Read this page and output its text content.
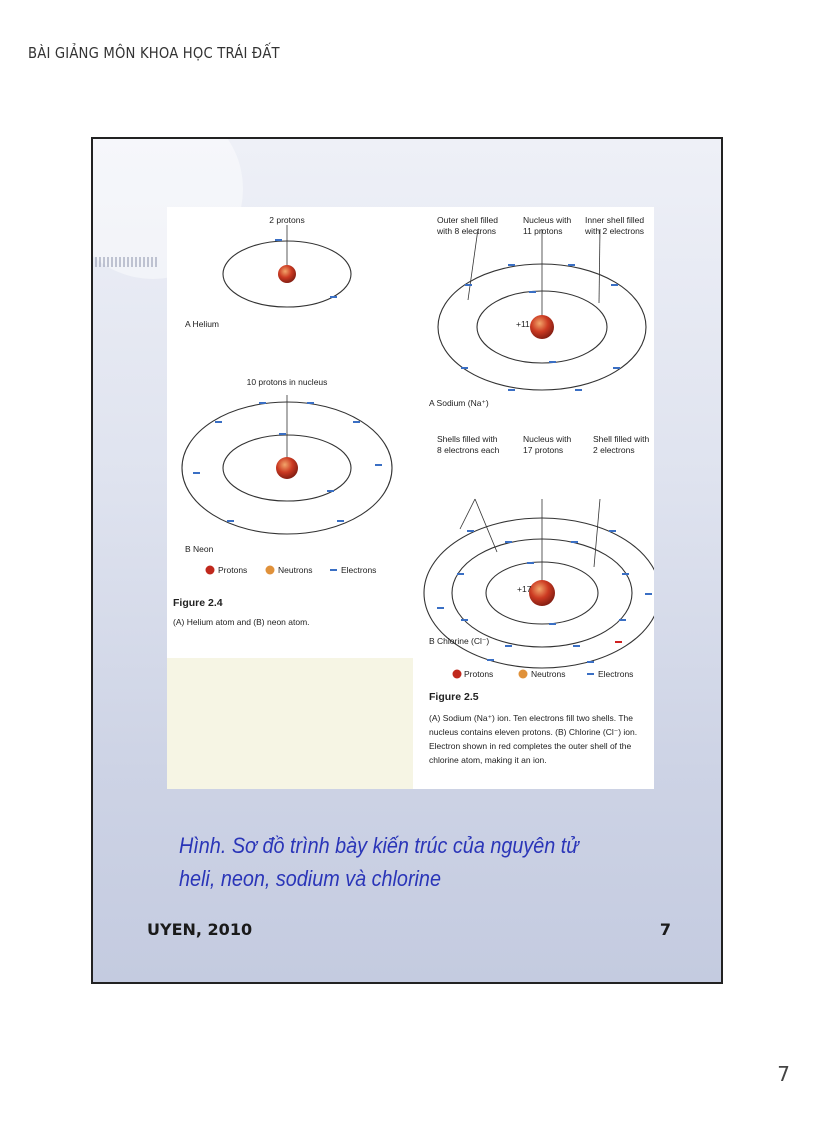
BÀI GIẢNG MÔN KHOA HỌC TRÁI ĐẤT
2 protons
A Helium
10 protons in nucleus
B Neon
Protons	Neutrons	Electrons
Figure 2.4
(A) Helium atom and (B) neon atom.
Outer shell filled
with 8 electrons
Nucleus with
11 protons
Inner shell filled
with 2 electrons
+11
A Sodium (Na⁺)
Shells filled with
8 electrons each
Nucleus with
17 protons
Shell filled with
2 electrons
+17
B Chlorine (Cl⁻)
Protons	Neutrons	Electrons
Figure 2.5
(A) Sodium (Na⁺) ion. Ten electrons fill two shells. The nucleus contains eleven protons. (B) Chlorine (Cl⁻) ion. Electron shown in red completes the outer shell of the chlorine atom, making it an ion.
Hình. Sơ đồ trình bày kiến trúc của nguyên tử heli, neon, sodium và chlorine
UYEN, 2010	7
7
